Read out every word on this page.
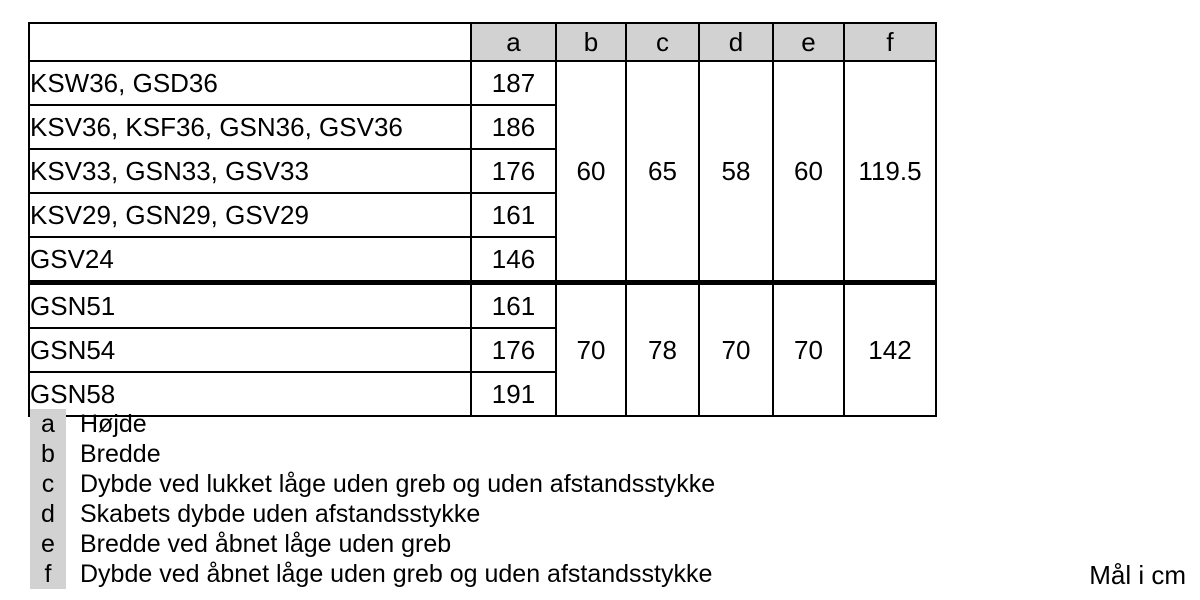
	a	b	c	d	e	f
KSW36, GSD36	187	60	65	58	60	119.5
KSV36, KSF36, GSN36, GSV36	186					
KSV33, GSN33, GSV33	176					
KSV29, GSN29, GSV29	161					
GSV24	146					
GSN51	161	70	78	70	70	142
GSN54	176					
GSN58	191					
a	Højde
b	Bredde
c	Dybde ved lukket låge uden greb og uden afstandsstykke
d	Skabets dybde uden afstandsstykke
e	Bredde ved åbnet låge uden greb
f	Dybde ved åbnet låge uden greb og uden afstandsstykke	Mål i cm
